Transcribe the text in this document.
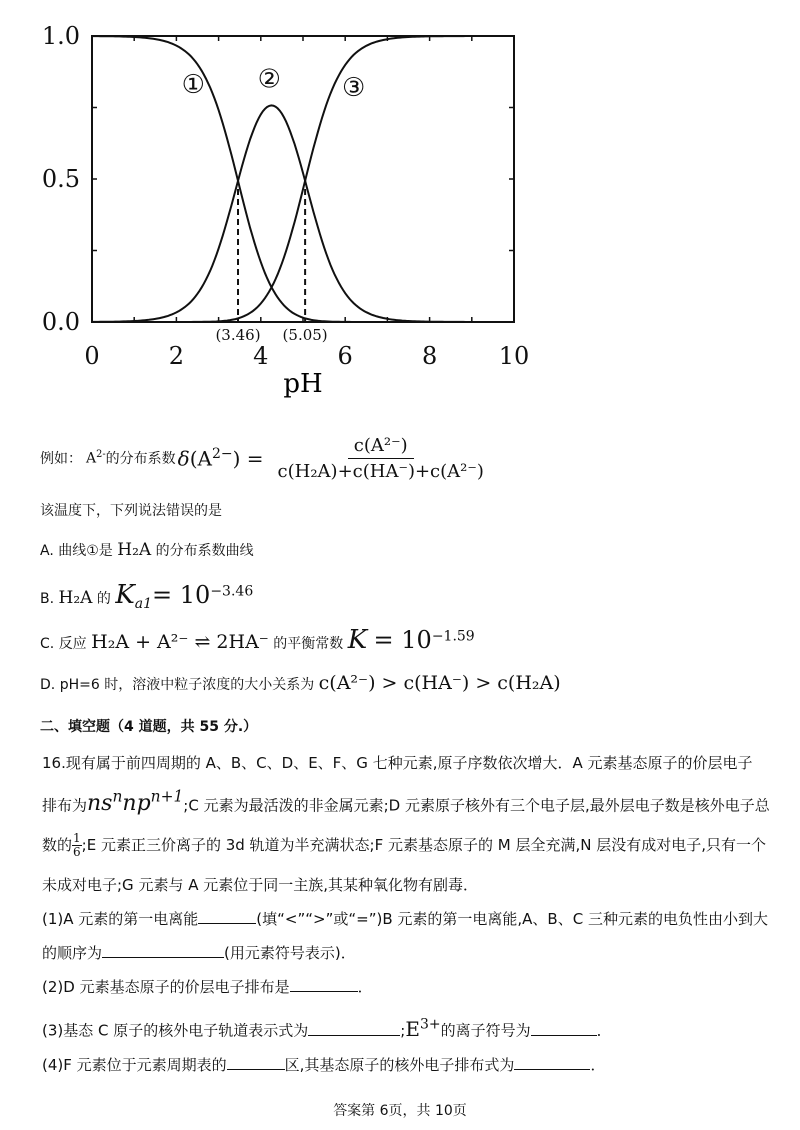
0.0
0.5
1.0
0	2	4	6	8	10
pH
(3.46) (5.05)
① ② ③
例如： $A^{2-}$ 的分布系数 $\delta(A^{2-}) = \frac{\text{c(A²⁻)}}{\text{c(H₂A)+c(HA⁻)+c(A²⁻)}}$
该温度下，下列说法错误的是
A. 曲线①是 H₂A 的分布系数曲线
B. H₂A 的 $K_{a1}= 10^{-3.46}$
C. 反应 H₂A + A²⁻ ⇌ 2HA⁻ 的平衡常数 $K = 10^{-1.59}$
D. pH=6 时，溶液中粒子浓度的大小关系为 c(A²⁻) > c(HA⁻) > c(H₂A)
二、填空题（4 道题，共 55 分.）
16.现有属于前四周期的 A、B、C、D、E、F、G 七种元素,原子序数依次增大．A 元素基态原子的价层电子
排布为$ns^nnp^{n+1};C$ 元素为最活泼的非金属元素;D 元素原子核外有三个电子层,最外层电子数是核外电子总
数的 $\frac{1}{6}$ ;E 元素正三价离子的 3d 轨道为半充满状态;F 元素基态原子的 M 层全充满,N 层没有成对电子,只有一个
未成对电子;G 元素与 A 元素位于同一主族,其某种氧化物有剧毒．
(1)A 元素的第一电离能	(填“<”“>”或“=”)B 元素的第一电离能,A、B、C 三种元素的电负性由小到大
的顺序为	(用元素符号表示)．
(2)D 元素基态原子的价层电子排布是	．
(3)基态 C 原子的核外电子轨道表示式为	$;E^{3+}$的离子符号为	．
(4)F 元素位于元素周期表的	区,其基态原子的核外电子排布式为	．
答案第 6页，共 10页
